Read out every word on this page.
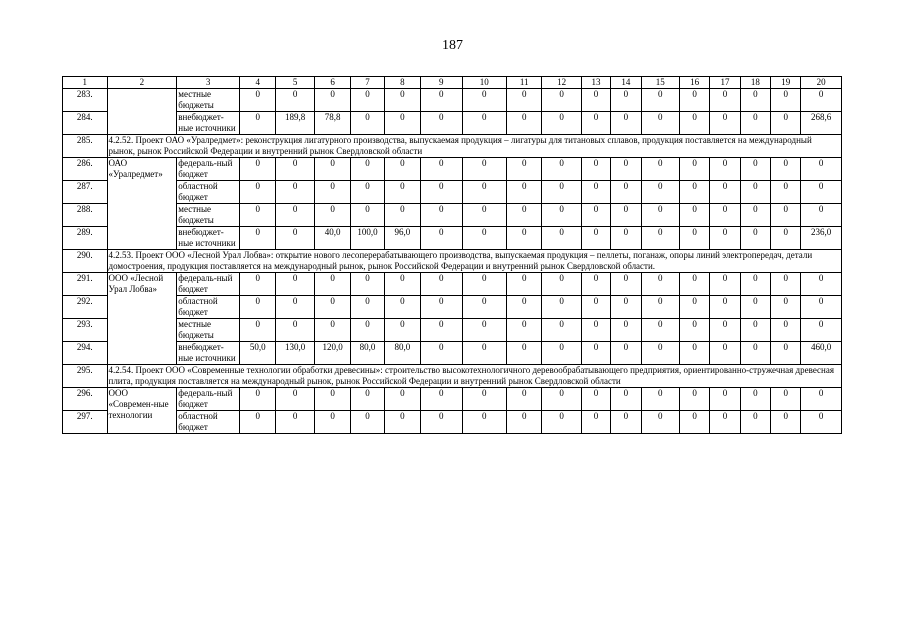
187
1	2	3	4	5	6	7	8	9	10	11	12	13	14	15	16	17	18	19	20
283.		местные бюджеты	0	0	0	0	0	0	0	0	0	0	0	0	0	0	0	0	0
284.		внебюджет-ные источники	0	189,8	78,8	0	0	0	0	0	0	0	0	0	0	0	0	0	268,6
285.	4.2.52. Проект ОАО «Уралредмет»: реконструкция лигатурного производства, выпускаемая продукция – лигатуры для титановых сплавов, продукция поставляется на международный рынок, рынок Российской Федерации и внутренний рынок Свердловской области																		
286.	ОАО «Уралредмет»	федераль-ный бюджет	0	0	0	0	0	0	0	0	0	0	0	0	0	0	0	0	0
287.		областной бюджет	0	0	0	0	0	0	0	0	0	0	0	0	0	0	0	0	0
288.		местные бюджеты	0	0	0	0	0	0	0	0	0	0	0	0	0	0	0	0	0
289.		внебюджет-ные источники	0	0	40,0	100,0	96,0	0	0	0	0	0	0	0	0	0	0	0	236,0
290.	4.2.53. Проект ООО «Лесной Урал Лобва»: открытие нового лесоперерабатывающего производства, выпускаемая продукция – пеллеты, поганаж, опоры линий электропередач, детали домостроения, продукция поставляется на международный рынок, рынок Российской Федерации и внутренний рынок Свердловской области.																		
291.	ООО «Лесной Урал Лобва»	федераль-ный бюджет	0	0	0	0	0	0	0	0	0	0	0	0	0	0	0	0	0
292.		областной бюджет	0	0	0	0	0	0	0	0	0	0	0	0	0	0	0	0	0
293.		местные бюджеты	0	0	0	0	0	0	0	0	0	0	0	0	0	0	0	0	0
294.		внебюджет-ные источники	50,0	130,0	120,0	80,0	80,0	0	0	0	0	0	0	0	0	0	0	0	460,0
295.	4.2.54. Проект ООО «Современные технологии обработки древесины»: строительство высокотехнологичного деревообрабатывающего предприятия, ориентированно-стружечная древесная плита, продукция поставляется на международный рынок, рынок Российской Федерации и внутренний рынок Свердловской области																		
296.	ООО «Современ-ные технологии	федераль-ный бюджет	0	0	0	0	0	0	0	0	0	0	0	0	0	0	0	0	0
297.		областной бюджет	0	0	0	0	0	0	0	0	0	0	0	0	0	0	0	0	0
